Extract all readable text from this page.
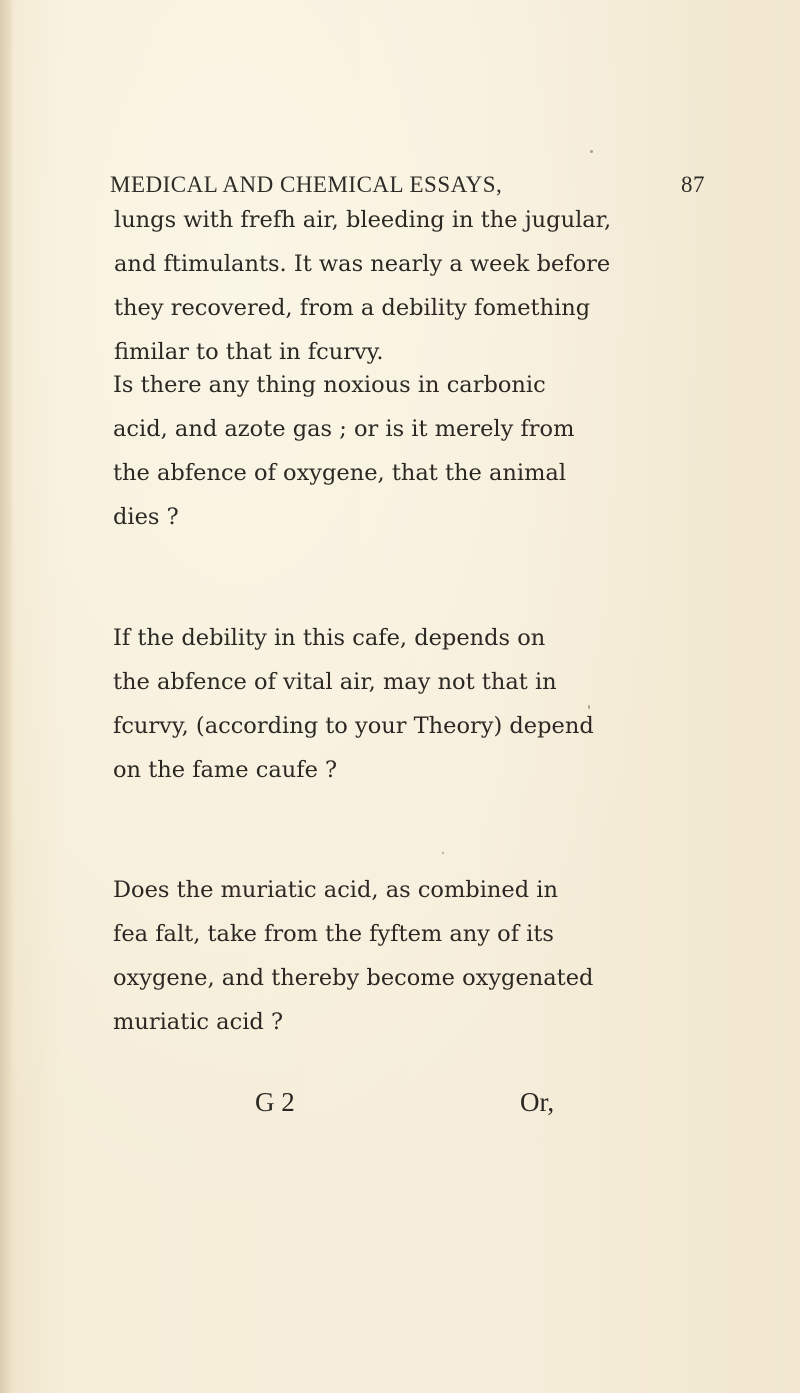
MEDICAL AND CHEMICAL ESSAYS,	87
lungs with frefh air, bleeding in the jugular,
and ftimulants. It was nearly a week before
they recovered, from a debility fomething
fimilar to that in fcurvy.
Is there any thing noxious in carbonic
acid, and azote gas ; or is it merely from
the abfence of oxygene, that the animal
dies ?
If the debility in this cafe, depends on
the abfence of vital air, may not that in
fcurvy, (according to your Theory) depend
on the fame caufe ?
Does the muriatic acid, as combined in
fea falt, take from the fyftem any of its
oxygene, and thereby become oxygenated
muriatic acid ?
G 2	Or,
